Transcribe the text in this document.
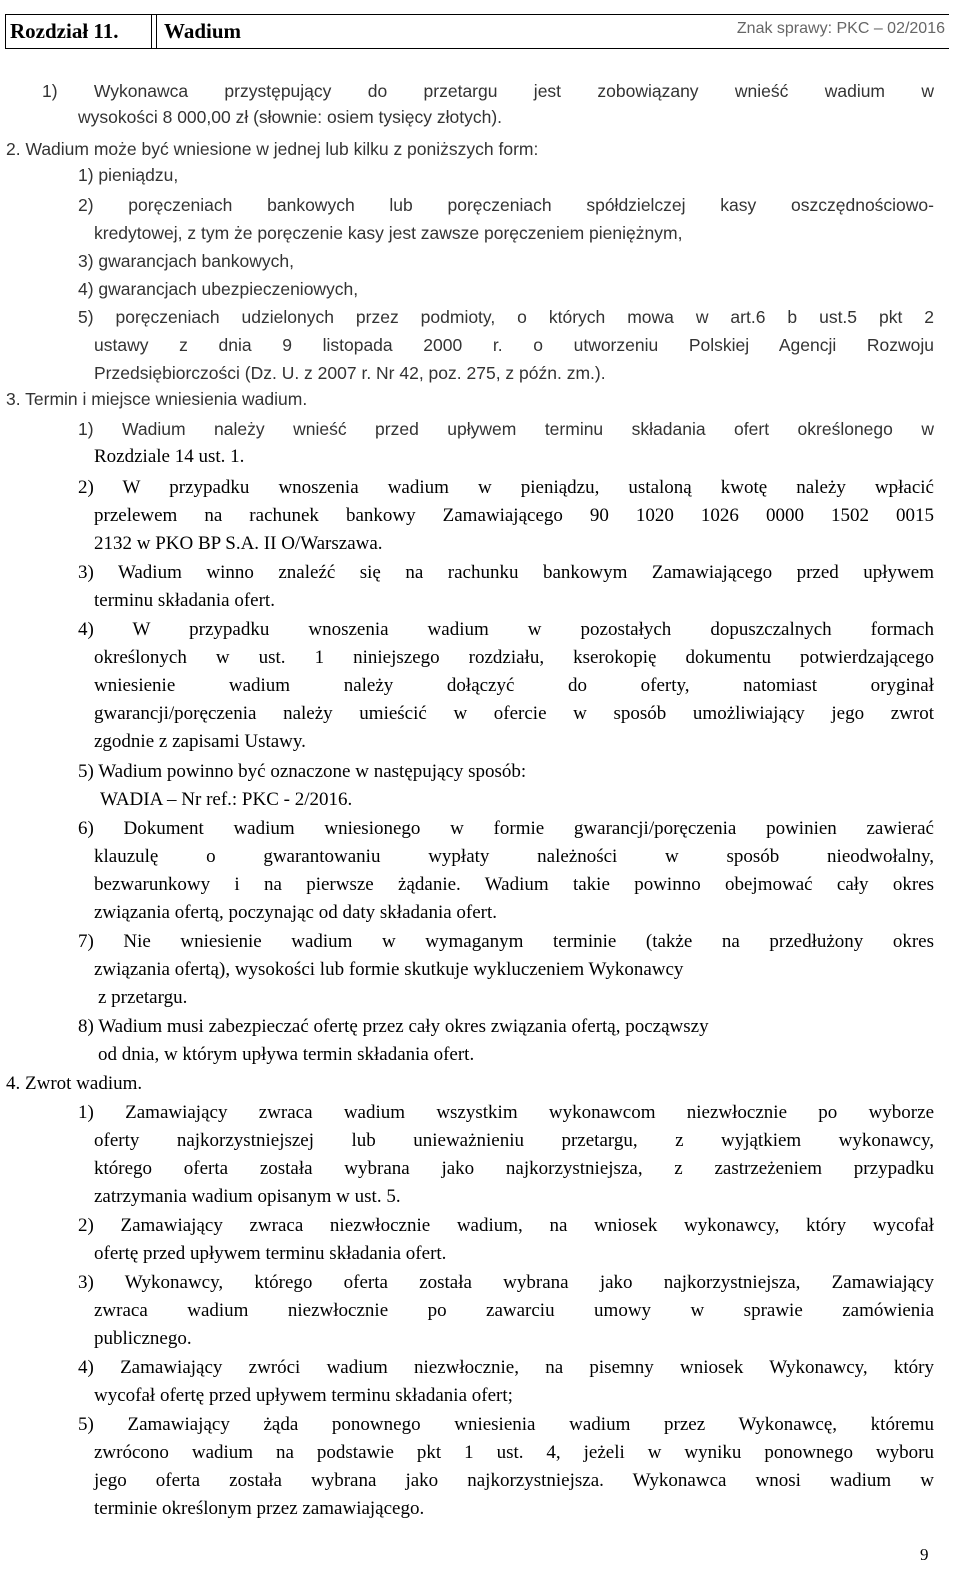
Rozdział 11.	Wadium	Znak sprawy: PKC – 02/2016
1) Wykonawca przystępujący do przetargu jest zobowiązany wnieść wadium w
wysokości 8 000,00 zł (słownie: osiem tysięcy złotych).
2. Wadium może być wniesione w jednej lub kilku z poniższych form:
1) pieniądzu,
2) poręczeniach bankowych lub poręczeniach spółdzielczej kasy oszczędnościowo-
kredytowej, z tym że poręczenie kasy jest zawsze poręczeniem pieniężnym,
3) gwarancjach bankowych,
4) gwarancjach ubezpieczeniowych,
5) poręczeniach udzielonych przez podmioty, o których mowa w art.6 b ust.5 pkt 2
ustawy z dnia 9 listopada 2000 r. o utworzeniu Polskiej Agencji Rozwoju
Przedsiębiorczości (Dz. U. z 2007 r. Nr 42, poz. 275, z późn. zm.).
3. Termin i miejsce wniesienia wadium.
1) Wadium należy wnieść przed upływem terminu składania ofert określonego w
Rozdziale 14 ust. 1.
2) W przypadku wnoszenia wadium w pieniądzu, ustaloną kwotę należy wpłacić
przelewem na rachunek bankowy Zamawiającego 90 1020 1026 0000 1502 0015
2132 w PKO BP S.A. II O/Warszawa.
3) Wadium winno znaleźć się na rachunku bankowym Zamawiającego przed upływem
terminu składania ofert.
4) W przypadku wnoszenia wadium w pozostałych dopuszczalnych formach
określonych w ust. 1 niniejszego rozdziału, kserokopię dokumentu potwierdzającego
wniesienie wadium należy dołączyć do oferty, natomiast oryginał
gwarancji/poręczenia należy umieścić w ofercie w sposób umożliwiający jego zwrot
zgodnie z zapisami Ustawy.
5) Wadium powinno być oznaczone w następujący sposób:
WADIA – Nr ref.: PKC - 2/2016.
6) Dokument wadium wniesionego w formie gwarancji/poręczenia powinien zawierać
klauzulę o gwarantowaniu wypłaty należności w sposób nieodwołalny,
bezwarunkowy i na pierwsze żądanie. Wadium takie powinno obejmować cały okres
związania ofertą, poczynając od daty składania ofert.
7) Nie wniesienie wadium w wymaganym terminie (także na przedłużony okres
związania ofertą), wysokości lub formie skutkuje wykluczeniem Wykonawcy
z przetargu.
8) Wadium musi zabezpieczać ofertę przez cały okres związania ofertą, począwszy
od dnia, w którym upływa termin składania ofert.
4. Zwrot wadium.
1) Zamawiający zwraca wadium wszystkim wykonawcom niezwłocznie po wyborze
oferty najkorzystniejszej lub unieważnieniu przetargu, z wyjątkiem wykonawcy,
którego oferta została wybrana jako najkorzystniejsza, z zastrzeżeniem przypadku
zatrzymania wadium opisanym w ust. 5.
2) Zamawiający zwraca niezwłocznie wadium, na wniosek wykonawcy, który wycofał
ofertę przed upływem terminu składania ofert.
3) Wykonawcy, którego oferta została wybrana jako najkorzystniejsza, Zamawiający
zwraca wadium niezwłocznie po zawarciu umowy w sprawie zamówienia
publicznego.
4) Zamawiający zwróci wadium niezwłocznie, na pisemny wniosek Wykonawcy, który
wycofał ofertę przed upływem terminu składania ofert;
5) Zamawiający żąda ponownego wniesienia wadium przez Wykonawcę, któremu
zwrócono wadium na podstawie pkt 1 ust. 4, jeżeli w wyniku ponownego wyboru
jego oferta została wybrana jako najkorzystniejsza. Wykonawca wnosi wadium w
terminie określonym przez zamawiającego.
9
